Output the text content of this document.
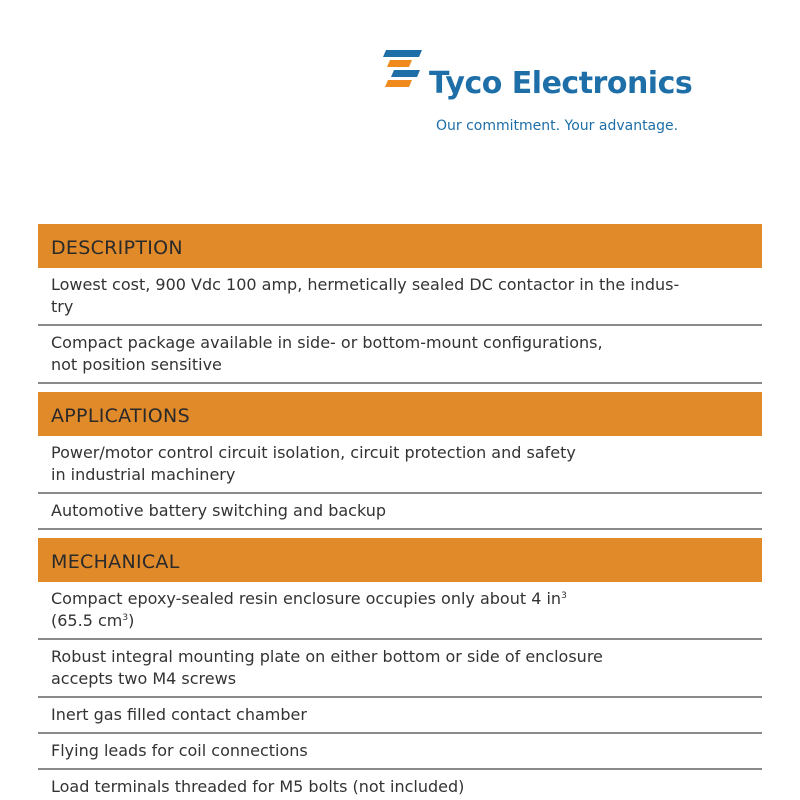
Tyco Electronics
Our commitment. Your advantage.
DESCRIPTION
Lowest cost, 900 Vdc 100 amp, hermetically sealed DC contactor in the indus-
try
Compact package available in side- or bottom-mount configurations,
not position sensitive
APPLICATIONS
Power/motor control circuit isolation, circuit protection and safety
in industrial machinery
Automotive battery switching and backup
MECHANICAL
Compact epoxy-sealed resin enclosure occupies only about 4 $in^3$
(65.5 $cm^3$)
Robust integral mounting plate on either bottom or side of enclosure
accepts two M4 screws
Inert gas filled contact chamber
Flying leads for coil connections
Load terminals threaded for M5 bolts (not included)
